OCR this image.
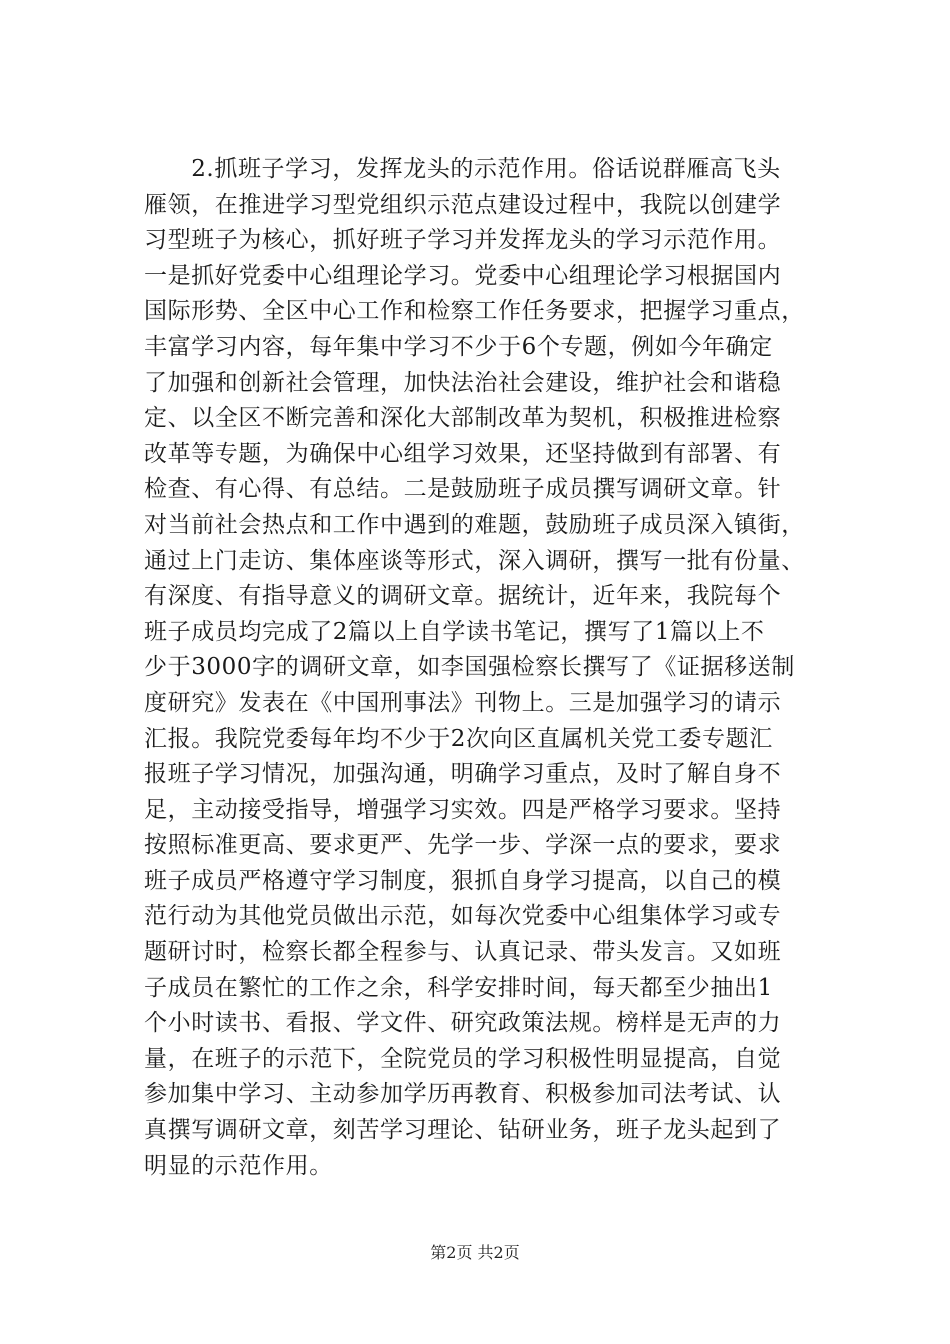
　　2.抓班子学习，发挥龙头的示范作用。俗话说群雁高飞头
雁领，在推进学习型党组织示范点建设过程中，我院以创建学
习型班子为核心，抓好班子学习并发挥龙头的学习示范作用。
一是抓好党委中心组理论学习。党委中心组理论学习根据国内
国际形势、全区中心工作和检察工作任务要求，把握学习重点，
丰富学习内容，每年集中学习不少于6个专题，例如今年确定
了加强和创新社会管理，加快法治社会建设，维护社会和谐稳
定、以全区不断完善和深化大部制改革为契机，积极推进检察
改革等专题，为确保中心组学习效果，还坚持做到有部署、有
检查、有心得、有总结。二是鼓励班子成员撰写调研文章。针
对当前社会热点和工作中遇到的难题，鼓励班子成员深入镇街，
通过上门走访、集体座谈等形式，深入调研，撰写一批有份量、
有深度、有指导意义的调研文章。据统计，近年来，我院每个
班子成员均完成了2篇以上自学读书笔记，撰写了1篇以上不
少于3000字的调研文章，如李国强检察长撰写了《证据移送制
度研究》发表在《中国刑事法》刊物上。三是加强学习的请示
汇报。我院党委每年均不少于2次向区直属机关党工委专题汇
报班子学习情况，加强沟通，明确学习重点，及时了解自身不
足，主动接受指导，增强学习实效。四是严格学习要求。坚持
按照标准更高、要求更严、先学一步、学深一点的要求，要求
班子成员严格遵守学习制度，狠抓自身学习提高，以自己的模
范行动为其他党员做出示范，如每次党委中心组集体学习或专
题研讨时，检察长都全程参与、认真记录、带头发言。又如班
子成员在繁忙的工作之余，科学安排时间，每天都至少抽出1
个小时读书、看报、学文件、研究政策法规。榜样是无声的力
量，在班子的示范下，全院党员的学习积极性明显提高，自觉
参加集中学习、主动参加学历再教育、积极参加司法考试、认
真撰写调研文章，刻苦学习理论、钻研业务，班子龙头起到了
明显的示范作用。
第2页 共2页
